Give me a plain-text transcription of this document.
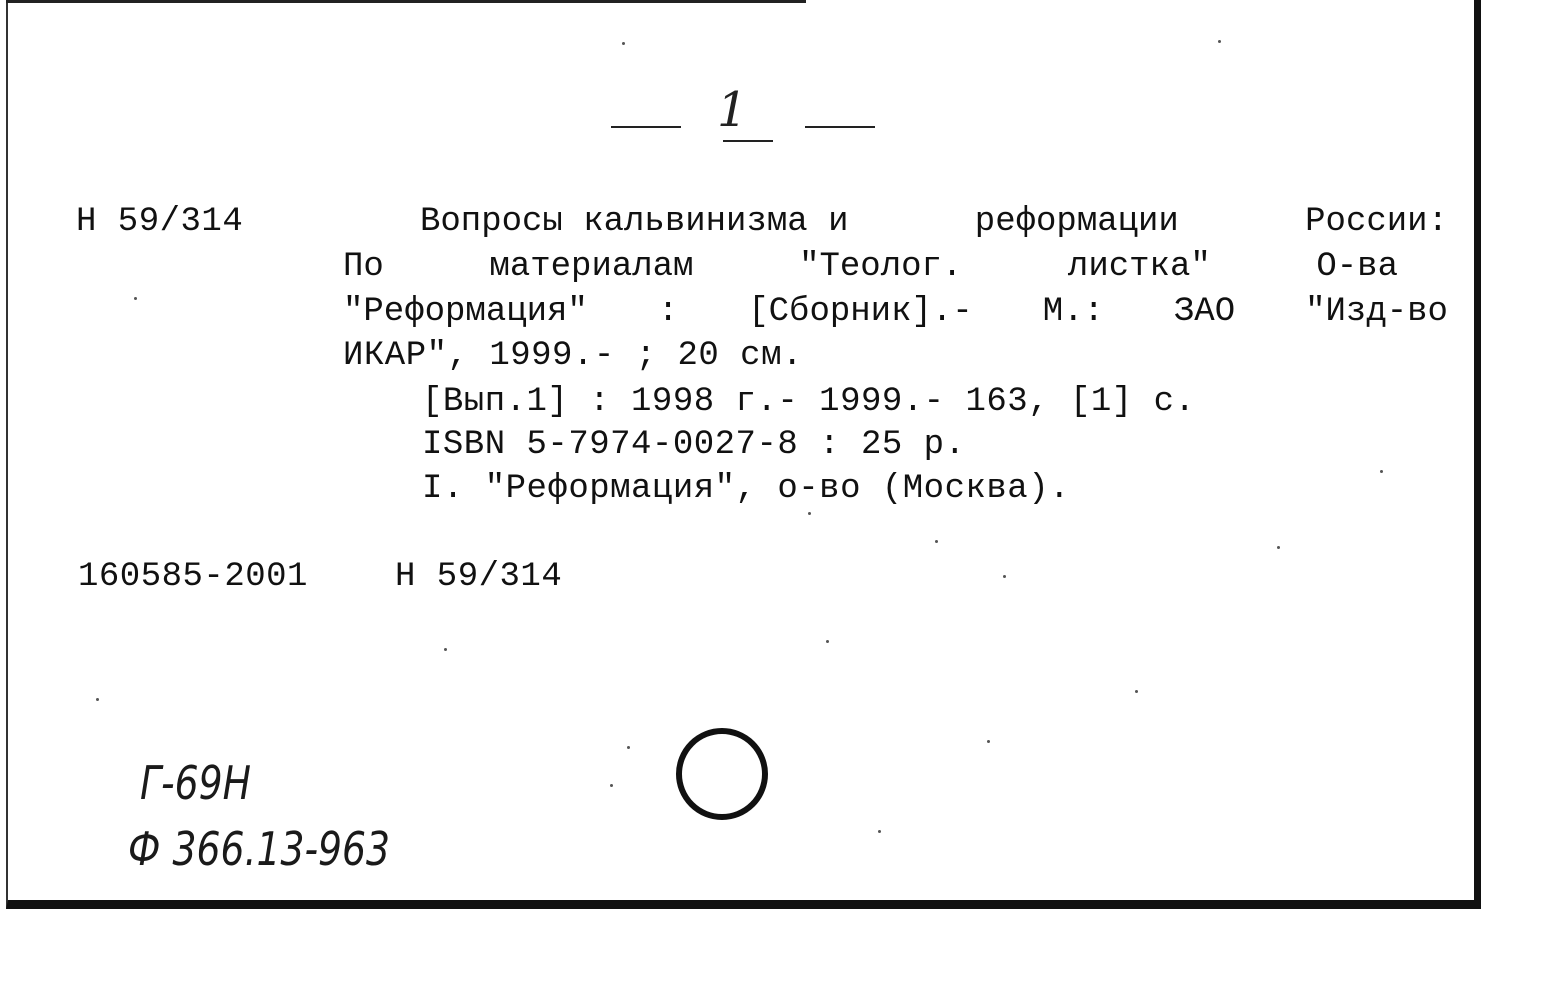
1
Н 59/314	Вопросы кальвинизма и	реформации	России:
По	материалам	"Теолог.	листка"	О-ва
"Реформация" : [Сборник].- М.: ЗАО "Изд-во
ИКАР", 1999.- ; 20 см.
[Вып.1] : 1998 г.- 1999.- 163, [1] с.
ISBN 5-7974-0027-8 : 25 р.
I. "Реформация", о-во (Москва).
160585-2001	Н 59/314
Г-69Н
Ф 366.13-963
